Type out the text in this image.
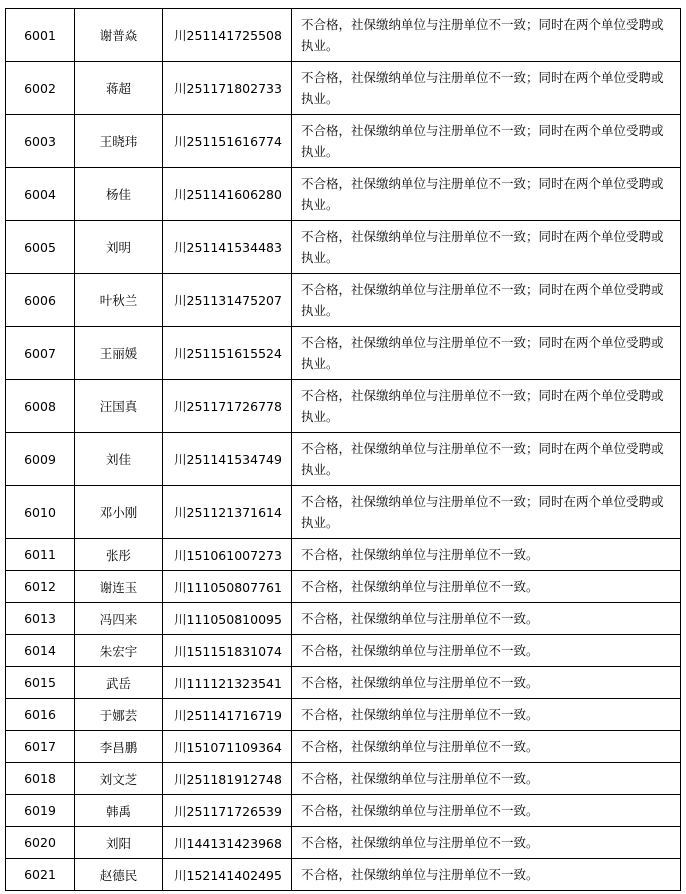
6001	谢普焱	川251141725508	不合格，社保缴纳单位与注册单位不一致；同时在两个单位受聘或执业。
6002	蒋超	川251171802733	不合格，社保缴纳单位与注册单位不一致；同时在两个单位受聘或执业。
6003	王晓玮	川251151616774	不合格，社保缴纳单位与注册单位不一致；同时在两个单位受聘或执业。
6004	杨佳	川251141606280	不合格，社保缴纳单位与注册单位不一致；同时在两个单位受聘或执业。
6005	刘明	川251141534483	不合格，社保缴纳单位与注册单位不一致；同时在两个单位受聘或执业。
6006	叶秋兰	川251131475207	不合格，社保缴纳单位与注册单位不一致；同时在两个单位受聘或执业。
6007	王丽媛	川251151615524	不合格，社保缴纳单位与注册单位不一致；同时在两个单位受聘或执业。
6008	汪国真	川251171726778	不合格，社保缴纳单位与注册单位不一致；同时在两个单位受聘或执业。
6009	刘佳	川251141534749	不合格，社保缴纳单位与注册单位不一致；同时在两个单位受聘或执业。
6010	邓小刚	川251121371614	不合格，社保缴纳单位与注册单位不一致；同时在两个单位受聘或执业。
6011	张彤	川151061007273	不合格，社保缴纳单位与注册单位不一致。
6012	谢连玉	川111050807761	不合格，社保缴纳单位与注册单位不一致。
6013	冯四来	川111050810095	不合格，社保缴纳单位与注册单位不一致。
6014	朱宏宇	川151151831074	不合格，社保缴纳单位与注册单位不一致。
6015	武岳	川111121323541	不合格，社保缴纳单位与注册单位不一致。
6016	于娜芸	川251141716719	不合格，社保缴纳单位与注册单位不一致。
6017	李昌鹏	川151071109364	不合格，社保缴纳单位与注册单位不一致。
6018	刘文芝	川251181912748	不合格，社保缴纳单位与注册单位不一致。
6019	韩禹	川251171726539	不合格，社保缴纳单位与注册单位不一致。
6020	刘阳	川144131423968	不合格，社保缴纳单位与注册单位不一致。
6021	赵德民	川152141402495	不合格，社保缴纳单位与注册单位不一致。
